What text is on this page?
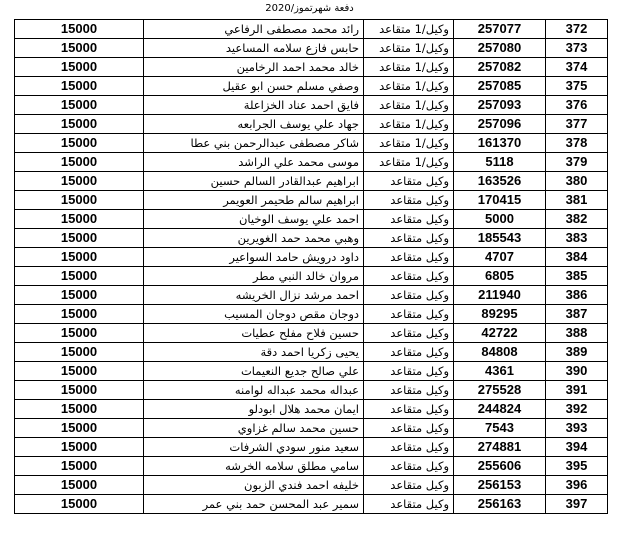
دفعة شهرتموز/2020
372	257077	وكيل/1 متقاعد	رائد محمد مصطفى الرفاعي	15000
373	257080	وكيل/1 متقاعد	حابس فازع سلامه المساعيد	15000
374	257082	وكيل/1 متقاعد	خالد محمد احمد الرخامين	15000
375	257085	وكيل/1 متقاعد	وصفي مسلم حسن ابو عقيل	15000
376	257093	وكيل/1 متقاعد	فايق احمد عناد الخزاعلة	15000
377	257096	وكيل/1 متقاعد	جهاد علي يوسف الجرابعه	15000
378	161370	وكيل/1 متقاعد	شاكر مصطفى عبدالرحمن بني عطا	15000
379	5118	وكيل/1 متقاعد	موسى محمد علي الراشد	15000
380	163526	وكيل متقاعد	ابراهيم عبدالقادر السالم حسين	15000
381	170415	وكيل متقاعد	ابراهيم سالم طحيمر العويمر	15000
382	5000	وكيل متقاعد	احمد علي يوسف الوخيان	15000
383	185543	وكيل متقاعد	وهبي محمد حمد الغويرين	15000
384	4707	وكيل متقاعد	داود درويش حامد السواعير	15000
385	6805	وكيل متقاعد	مروان خالد النبي مطر	15000
386	211940	وكيل متقاعد	احمد مرشد نزال الخريشه	15000
387	89295	وكيل متقاعد	دوجان مقص دوجان المسيب	15000
388	42722	وكيل متقاعد	حسين فلاح مفلح عطيات	15000
389	84808	وكيل متقاعد	يحيى زكريا احمد دقة	15000
390	4361	وكيل متقاعد	علي صالح جديع النعيمات	15000
391	275528	وكيل متقاعد	عبداله محمد عبداله لوامنه	15000
392	244824	وكيل متقاعد	ايمان محمد هلال ابودلو	15000
393	7543	وكيل متقاعد	حسين محمد سالم غزاوي	15000
394	274881	وكيل متقاعد	سعيد منور سودي الشرفات	15000
395	255606	وكيل متقاعد	سامي مطلق سلامه الخرشه	15000
396	256153	وكيل متقاعد	خليفه احمد فندي الزبون	15000
397	256163	وكيل متقاعد	سمير عبد المحسن حمد بني عمر	15000
